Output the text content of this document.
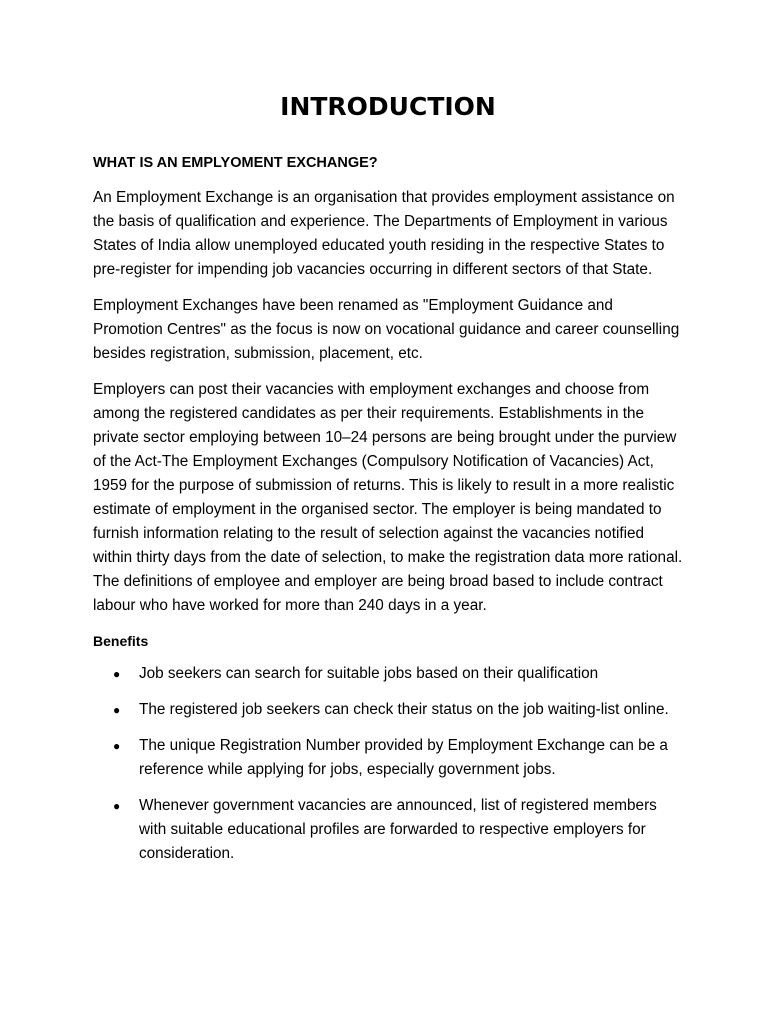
INTRODUCTION
WHAT IS AN EMPLYOMENT EXCHANGE?

An Employment Exchange is an organisation that provides employment assistance on the basis of qualification and experience. The Departments of Employment in various States of India allow unemployed educated youth residing in the respective States to pre-register for impending job vacancies occurring in different sectors of that State.

Employment Exchanges have been renamed as "Employment Guidance and Promotion Centres" as the focus is now on vocational guidance and career counselling besides registration, submission, placement, etc.

Employers can post their vacancies with employment exchanges and choose from among the registered candidates as per their requirements. Establishments in the private sector employing between 10–24 persons are being brought under the purview of the Act-The Employment Exchanges (Compulsory Notification of Vacancies) Act, 1959 for the purpose of submission of returns. This is likely to result in a more realistic estimate of employment in the organised sector. The employer is being mandated to furnish information relating to the result of selection against the vacancies notified within thirty days from the date of selection, to make the registration data more rational. The definitions of employee and employer are being broad based to include contract labour who have worked for more than 240 days in a year.

Benefits
● Job seekers can search for suitable jobs based on their qualification
● The registered job seekers can check their status on the job waiting-list online.
● The unique Registration Number provided by Employment Exchange can be a reference while applying for jobs, especially government jobs.
● Whenever government vacancies are announced, list of registered members with suitable educational profiles are forwarded to respective employers for consideration.
